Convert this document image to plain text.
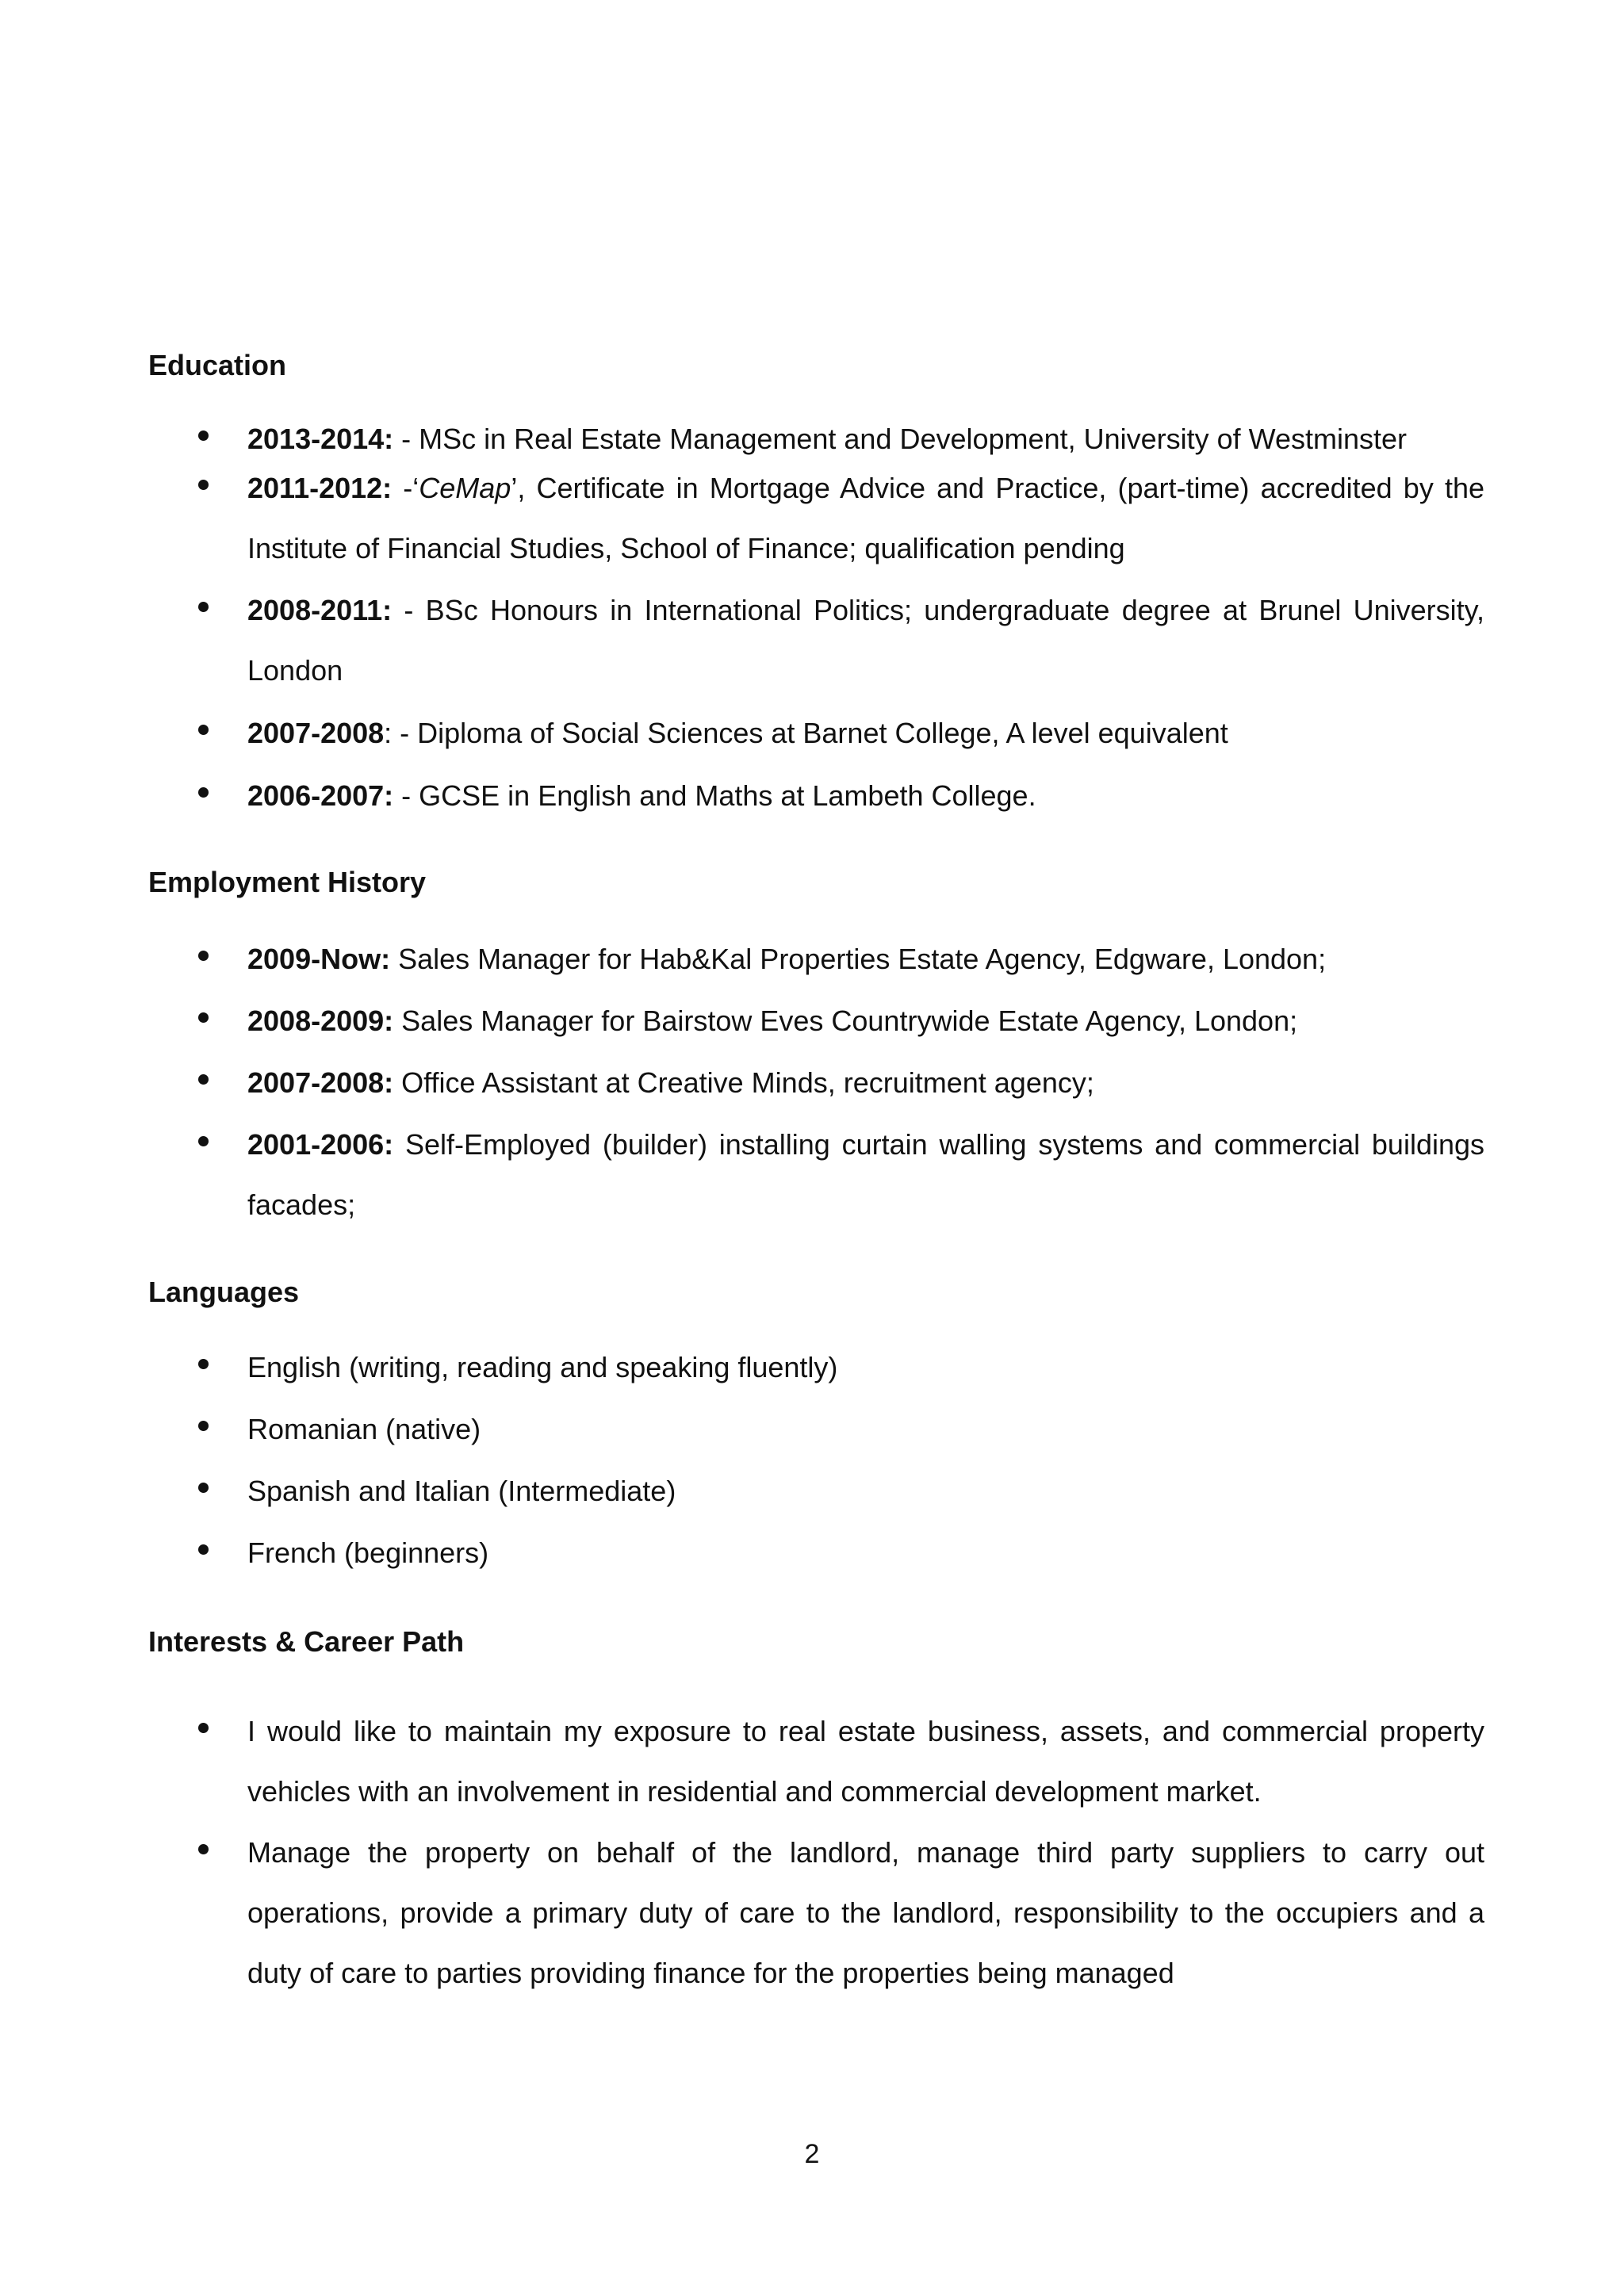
Education
2013-2014: - MSc in Real Estate Management and Development, University of Westminster
2011-2012: -‘CeMap’, Certificate in Mortgage Advice and Practice, (part-time) accredited by the Institute of Financial Studies, School of Finance; qualification pending
2008-2011: - BSc Honours in International Politics; undergraduate degree at Brunel University, London
2007-2008: - Diploma of Social Sciences at Barnet College, A level equivalent
2006-2007: - GCSE in English and Maths at Lambeth College.
Employment History
2009-Now: Sales Manager for Hab&Kal Properties Estate Agency, Edgware, London;
2008-2009: Sales Manager for Bairstow Eves Countrywide Estate Agency, London;
2007-2008: Office Assistant at Creative Minds, recruitment agency;
2001-2006: Self-Employed (builder) installing curtain walling systems and commercial buildings facades;
Languages
English (writing, reading and speaking fluently)
Romanian (native)
Spanish and Italian (Intermediate)
French (beginners)
Interests & Career Path
I would like to maintain my exposure to real estate business, assets, and commercial property vehicles with an involvement in residential and commercial development market.
Manage the property on behalf of the landlord, manage third party suppliers to carry out operations, provide a primary duty of care to the landlord, responsibility to the occupiers and a duty of care to parties providing finance for the properties being managed
2
